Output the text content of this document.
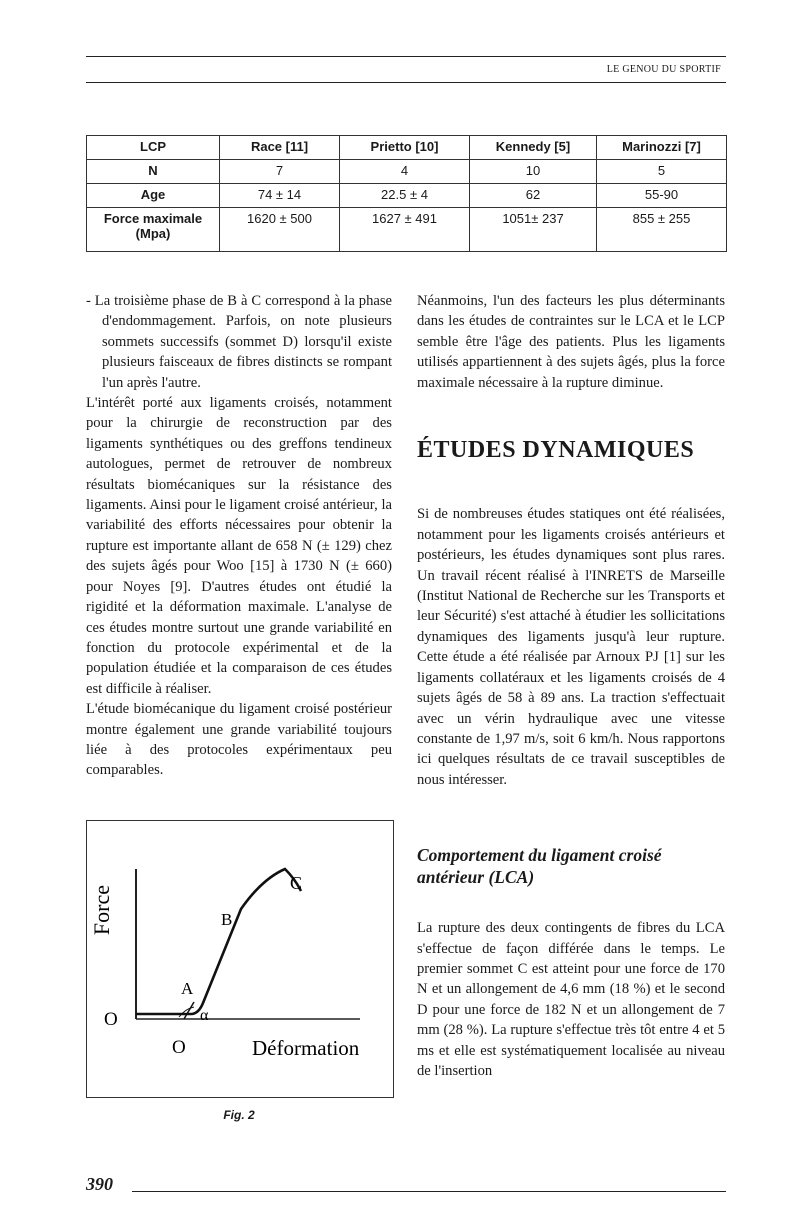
LE GENOU DU SPORTIF
LCP	Race [11]	Prietto [10]	Kennedy [5]	Marinozzi [7]
N	7	4	10	5
Age	74 ± 14	22.5 ± 4	62	55-90
Force maximale (Mpa)	1620 ± 500	1627 ± 491	1051± 237	855 ± 255

- La troisième phase de B à C correspond à la phase d'endommagement. Parfois, on note plusieurs sommets successifs (sommet D) lorsqu'il existe plusieurs faisceaux de fibres distincts se rompant l'un après l'autre.

L'intérêt porté aux ligaments croisés, notamment pour la chirurgie de reconstruction par des ligaments synthétiques ou des greffons tendineux autologues, permet de retrouver de nombreux résultats biomécaniques sur la résistance des ligaments. Ainsi pour le ligament croisé antérieur, la variabilité des efforts nécessaires pour obtenir la rupture est importante allant de 658 N (± 129) chez des sujets âgés pour Woo [15] à 1730 N (± 660) pour Noyes [9]. D'autres études ont étudié la rigidité et la déformation maximale. L'analyse de ces études montre surtout une grande variabilité en fonction du protocole expérimental et de la population étudiée et la comparaison de ces études est difficile à réaliser.

L'étude biomécanique du ligament croisé postérieur montre également une grande variabilité toujours liée à des protocoles expérimentaux peu comparables.

Force
O
O	Déformation
A
B
C
α
Fig. 2

Néanmoins, l'un des facteurs les plus déterminants dans les études de contraintes sur le LCA et le LCP semble être l'âge des patients. Plus les ligaments utilisés appartiennent à des sujets âgés, plus la force maximale nécessaire à la rupture diminue.

ÉTUDES DYNAMIQUES

Si de nombreuses études statiques ont été réalisées, notamment pour les ligaments croisés antérieurs et postérieurs, les études dynamiques sont plus rares. Un travail récent réalisé à l'INRETS de Marseille (Institut National de Recherche sur les Transports et leur Sécurité) s'est attaché à étudier les sollicitations dynamiques des ligaments jusqu'à leur rupture. Cette étude a été réalisée par Arnoux PJ [1] sur les ligaments collatéraux et les ligaments croisés de 4 sujets âgés de 58 à 89 ans. La traction s'effectuait avec un vérin hydraulique avec une vitesse constante de 1,97 m/s, soit 6 km/h. Nous rapportons ici quelques résultats de ce travail susceptibles de nous intéresser.

Comportement du ligament croisé antérieur (LCA)

La rupture des deux contingents de fibres du LCA s'effectue de façon différée dans le temps. Le premier sommet C est atteint pour une force de 170 N et un allongement de 4,6 mm (18 %) et le second D pour une force de 182 N et un allongement de 7 mm (28 %). La rupture s'effectue très tôt entre 4 et 5 ms et elle est systématiquement localisée au niveau de l'insertion

390
